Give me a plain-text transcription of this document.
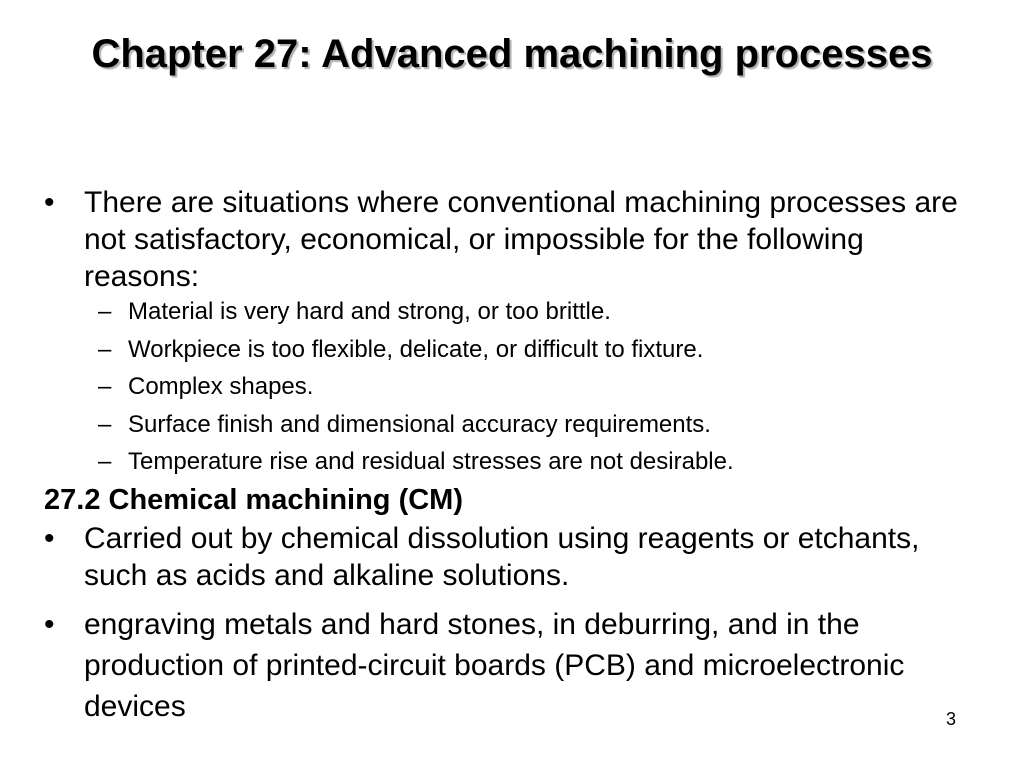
Chapter 27: Advanced machining processes
• There are situations where conventional machining processes are not satisfactory, economical, or impossible for the following reasons:
– Material is very hard and strong, or too brittle.
– Workpiece is too flexible, delicate, or difficult to fixture.
– Complex shapes.
– Surface finish and dimensional accuracy requirements.
– Temperature rise and residual stresses are not desirable.
27.2 Chemical machining (CM)
• Carried out by chemical dissolution using reagents or etchants, such as acids and alkaline solutions.
• engraving metals and hard stones, in deburring, and in the production of printed-circuit boards (PCB) and microelectronic devices	3
